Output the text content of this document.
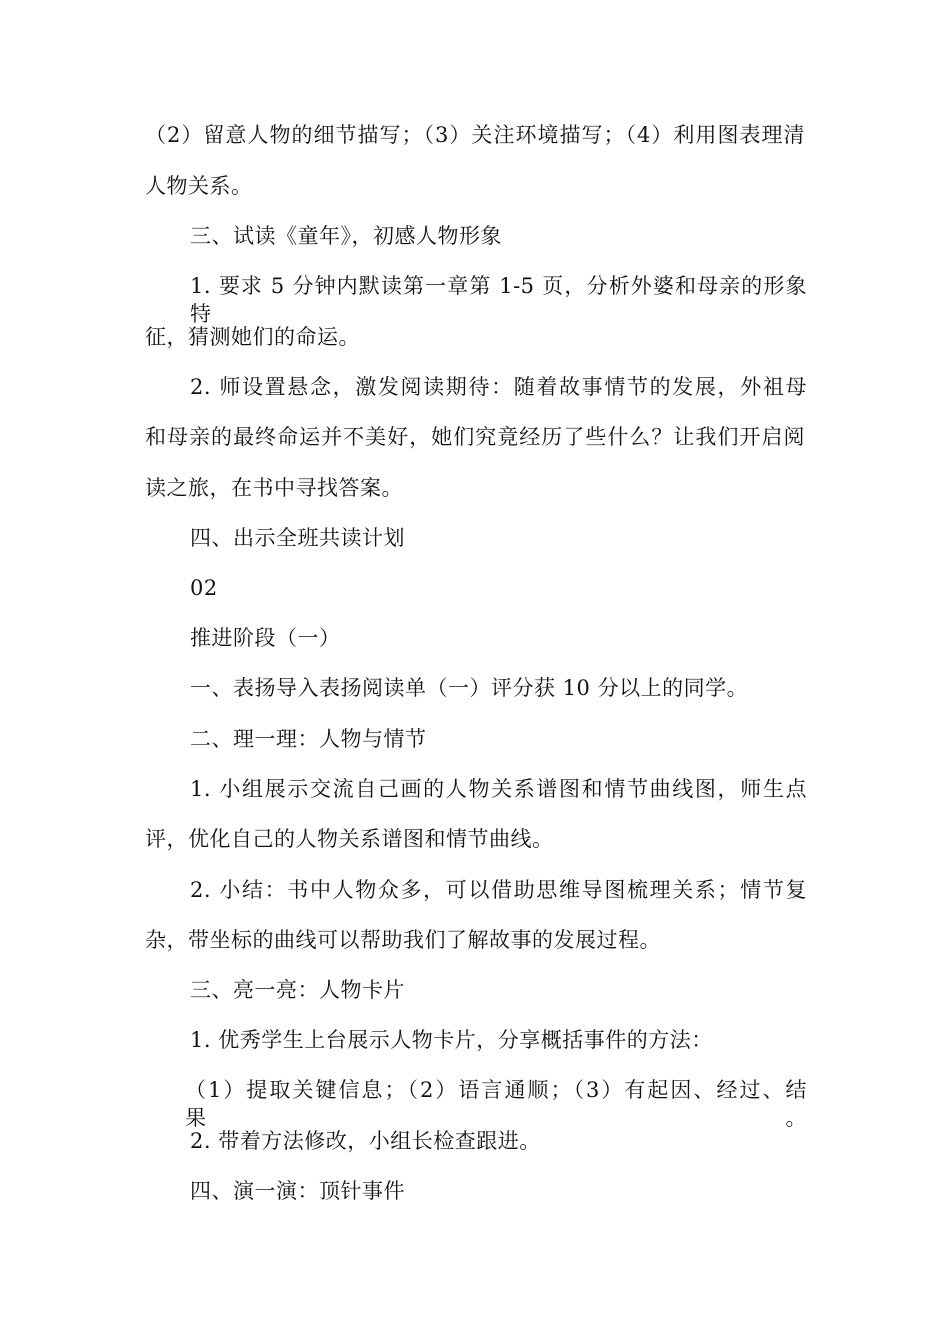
（2）留意人物的细节描写；（3）关注环境描写；（4）利用图表理清
人物关系。
三、试读《童年》，初感人物形象
1. 要求 5 分钟内默读第一章第 1-5 页，分析外婆和母亲的形象特
征，猜测她们的命运。
2. 师设置悬念，激发阅读期待：随着故事情节的发展，外祖母
和母亲的最终命运并不美好，她们究竟经历了些什么？让我们开启阅
读之旅，在书中寻找答案。
四、出示全班共读计划
02
推进阶段（一）
一、表扬导入表扬阅读单（一）评分获 10 分以上的同学。
二、理一理：人物与情节
1. 小组展示交流自己画的人物关系谱图和情节曲线图，师生点
评，优化自己的人物关系谱图和情节曲线。
2. 小结：书中人物众多，可以借助思维导图梳理关系；情节复
杂，带坐标的曲线可以帮助我们了解故事的发展过程。
三、亮一亮：人物卡片
1. 优秀学生上台展示人物卡片，分享概括事件的方法：
（1）提取关键信息；（2）语言通顺；（3）有起因、经过、结果。
2. 带着方法修改，小组长检查跟进。
四、演一演：顶针事件
